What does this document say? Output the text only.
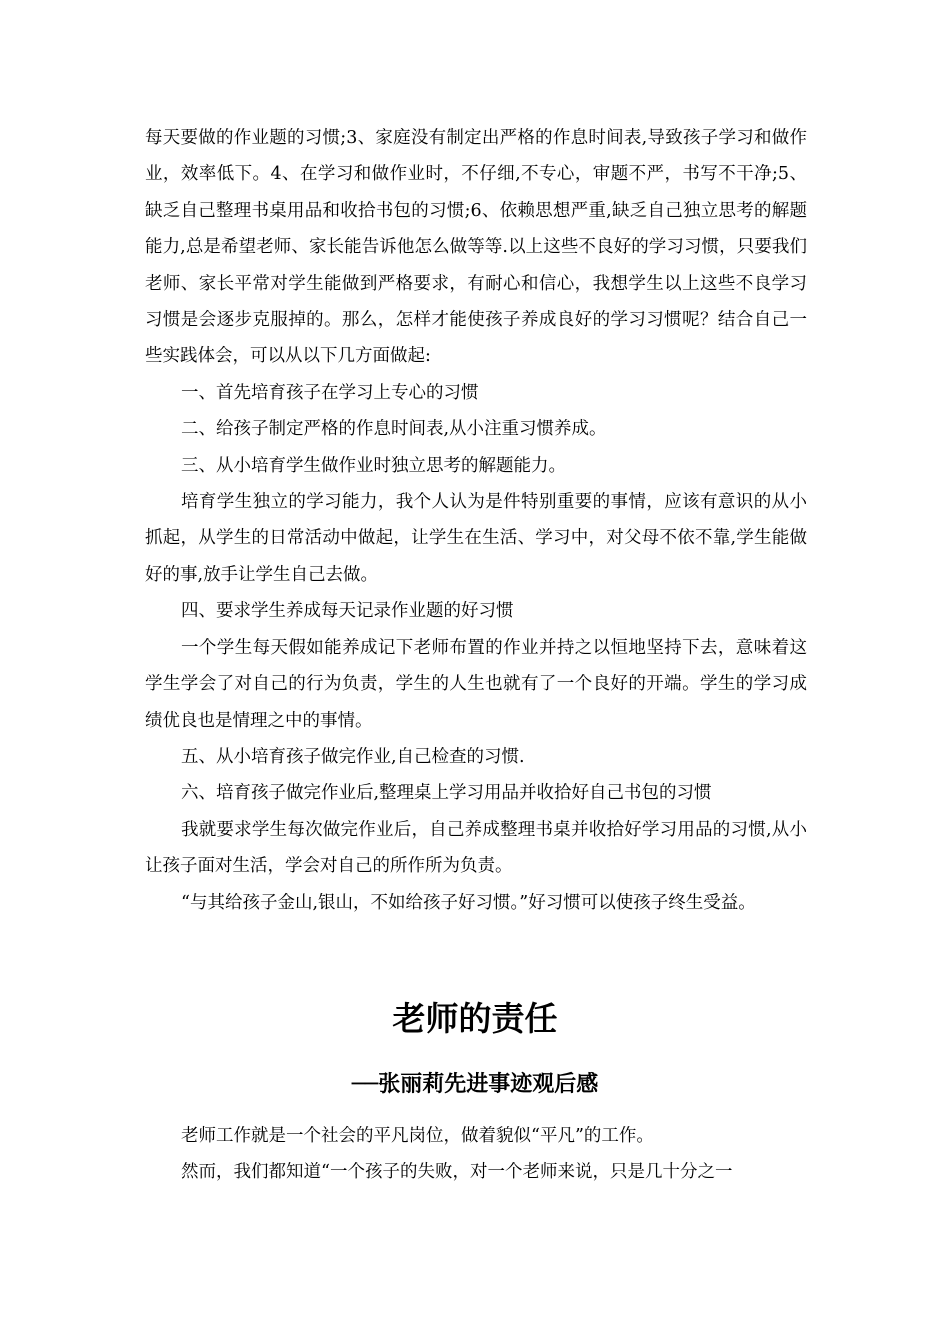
每天要做的作业题的习惯;3、家庭没有制定出严格的作息时间表,导致孩子学习和做作业，效率低下。4、在学习和做作业时，不仔细,不专心，审题不严，书写不干净;5、缺乏自己整理书桌用品和收拾书包的习惯;6、依赖思想严重,缺乏自己独立思考的解题能力,总是希望老师、家长能告诉他怎么做等等.以上这些不良好的学习习惯，只要我们老师、家长平常对学生能做到严格要求，有耐心和信心，我想学生以上这些不良学习习惯是会逐步克服掉的。那么，怎样才能使孩子养成良好的学习习惯呢？结合自己一些实践体会，可以从以下几方面做起:

一、首先培育孩子在学习上专心的习惯

二、给孩子制定严格的作息时间表,从小注重习惯养成。

三、从小培育学生做作业时独立思考的解题能力。

培育学生独立的学习能力，我个人认为是件特别重要的事情，应该有意识的从小抓起，从学生的日常活动中做起，让学生在生活、学习中，对父母不依不靠,学生能做好的事,放手让学生自己去做。

四、要求学生养成每天记录作业题的好习惯

一个学生每天假如能养成记下老师布置的作业并持之以恒地坚持下去，意味着这学生学会了对自己的行为负责，学生的人生也就有了一个良好的开端。学生的学习成绩优良也是情理之中的事情。

五、从小培育孩子做完作业,自己检查的习惯.

六、培育孩子做完作业后,整理桌上学习用品并收拾好自己书包的习惯

我就要求学生每次做完作业后，自己养成整理书桌并收拾好学习用品的习惯,从小让孩子面对生活，学会对自己的所作所为负责。

“与其给孩子金山,银山，不如给孩子好习惯。”好习惯可以使孩子终生受益。

老师的责任
──张丽莉先进事迹观后感

老师工作就是一个社会的平凡岗位，做着貌似“平凡”的工作。

然而，我们都知道“一个孩子的失败，对一个老师来说，只是几十分之一
